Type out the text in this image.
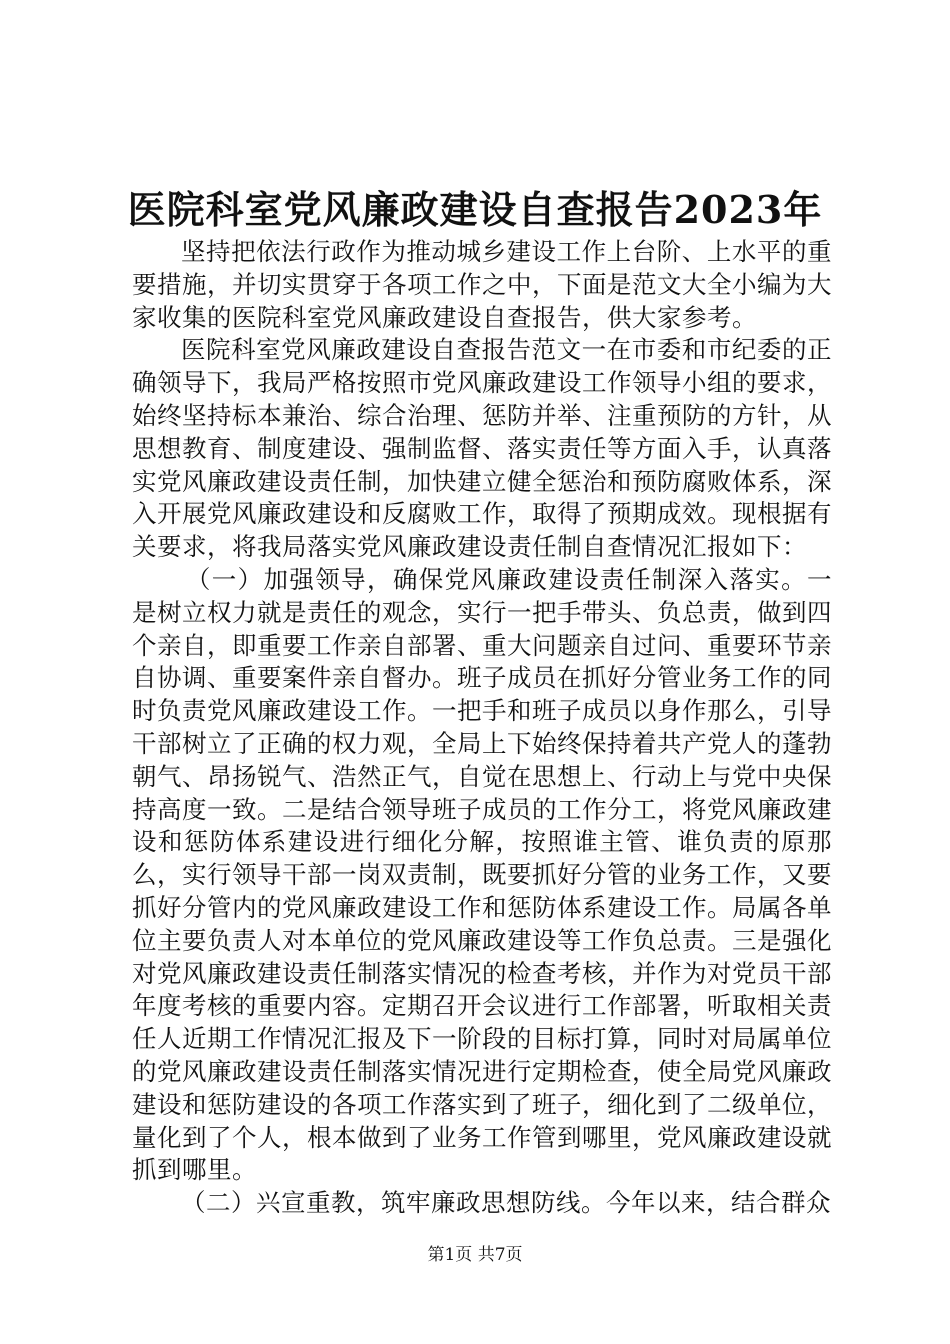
医院科室党风廉政建设自查报告2023年

坚持把依法行政作为推动城乡建设工作上台阶、上水平的重要措施，并切实贯穿于各项工作之中，下面是范文大全小编为大家收集的医院科室党风廉政建设自查报告，供大家参考。

医院科室党风廉政建设自查报告范文一在市委和市纪委的正确领导下，我局严格按照市党风廉政建设工作领导小组的要求，始终坚持标本兼治、综合治理、惩防并举、注重预防的方针，从思想教育、制度建设、强制监督、落实责任等方面入手，认真落实党风廉政建设责任制，加快建立健全惩治和预防腐败体系，深入开展党风廉政建设和反腐败工作，取得了预期成效。现根据有关要求，将我局落实党风廉政建设责任制自查情况汇报如下：

（一）加强领导，确保党风廉政建设责任制深入落实。一是树立权力就是责任的观念，实行一把手带头、负总责，做到四个亲自，即重要工作亲自部署、重大问题亲自过问、重要环节亲自协调、重要案件亲自督办。班子成员在抓好分管业务工作的同时负责党风廉政建设工作。一把手和班子成员以身作那么，引导干部树立了正确的权力观，全局上下始终保持着共产党人的蓬勃朝气、昂扬锐气、浩然正气，自觉在思想上、行动上与党中央保持高度一致。二是结合领导班子成员的工作分工，将党风廉政建设和惩防体系建设进行细化分解，按照谁主管、谁负责的原那么，实行领导干部一岗双责制，既要抓好分管的业务工作，又要抓好分管内的党风廉政建设工作和惩防体系建设工作。局属各单位主要负责人对本单位的党风廉政建设等工作负总责。三是强化对党风廉政建设责任制落实情况的检查考核，并作为对党员干部年度考核的重要内容。定期召开会议进行工作部署，听取相关责任人近期工作情况汇报及下一阶段的目标打算，同时对局属单位的党风廉政建设责任制落实情况进行定期检查，使全局党风廉政建设和惩防建设的各项工作落实到了班子，细化到了二级单位，量化到了个人，根本做到了业务工作管到哪里，党风廉政建设就抓到哪里。

（二）兴宣重教，筑牢廉政思想防线。今年以来，结合群众

第1页 共7页
